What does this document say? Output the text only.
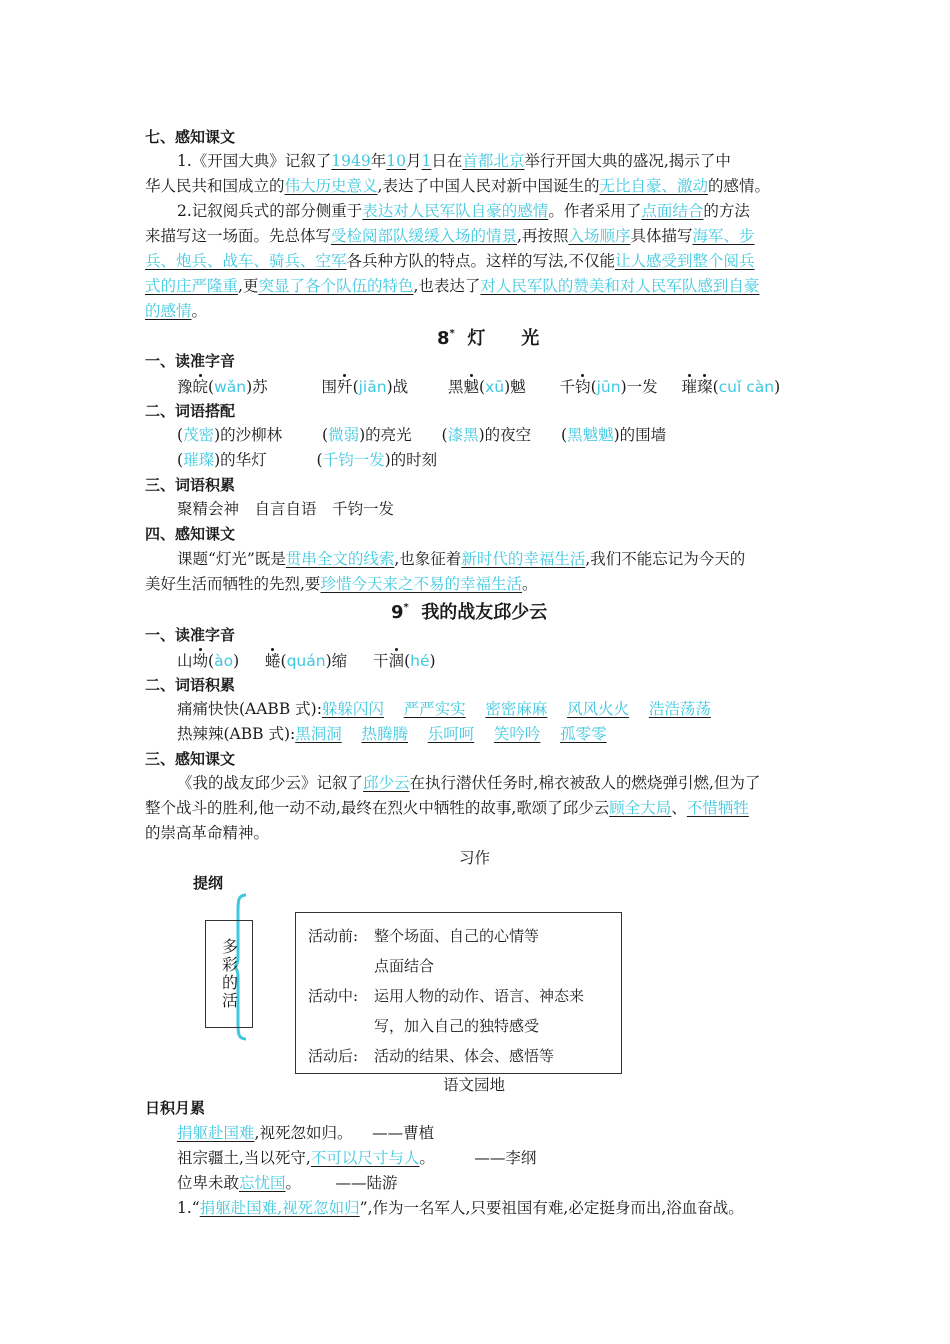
七、感知课文
1.《开国大典》记叙了1949年10月1日在首都北京举行开国大典的盛况,揭示了中
华人民共和国成立的伟大历史意义,表达了中国人民对新中国诞生的无比自豪、激动的感情。
2.记叙阅兵式的部分侧重于表达对人民军队自豪的感情。作者采用了点面结合的方法
来描写这一场面。先总体写受检阅部队缓缓入场的情景,再按照入场顺序具体描写海军、步
兵、炮兵、战车、骑兵、空军各兵种方队的特点。这样的写法,不仅能让人感受到整个阅兵
式的庄严隆重,更突显了各个队伍的特色,也表达了对人民军队的赞美和对人民军队感到自豪
的感情。
8* 灯　　光
一、读准字音
豫皖(wǎn)苏	围歼(jiān)战	黑魆(xū)魆 千钧(jūn)一发 璀璨(cuǐ càn)
二、词语搭配
(茂密)的沙柳林	(微弱)的亮光 (漆黑)的夜空 (黑魆魆)的围墙
(璀璨)的华灯	(千钧一发)的时刻
三、词语积累
聚精会神　自言自语　千钧一发
四、感知课文
课题“灯光”既是贯串全文的线索,也象征着新时代的幸福生活,我们不能忘记为今天的
美好生活而牺牲的先烈,要珍惜今天来之不易的幸福生活。
9* 我的战友邱少云
一、读准字音
山坳(ào) 蜷(quán)缩 干涸(hé)
二、词语积累
痛痛快快(AABB 式):躲躲闪闪 严严实实 密密麻麻 风风火火 浩浩荡荡
热辣辣(ABB 式):黑洞洞 热腾腾 乐呵呵 笑吟吟 孤零零
三、感知课文
《我的战友邱少云》记叙了邱少云在执行潜伏任务时,棉衣被敌人的燃烧弹引燃,但为了
整个战斗的胜利,他一动不动,最终在烈火中牺牲的故事,歌颂了邱少云顾全大局、不惜牺牲
的崇高革命精神。
习作
提纲
多彩的活
活动前: 整个场面、自己的心情等
点面结合
活动中: 运用人物的动作、语言、神态来
写，加入自己的独特感受
活动后: 活动的结果、体会、感悟等
语文园地
日积月累
捐躯赴国难,视死忽如归。 ——曹植
祖宗疆土,当以死守,不可以尺寸与人。	——李纲
位卑未敢忘忧国。 ——陆游
1.“捐躯赴国难,视死忽如归”,作为一名军人,只要祖国有难,必定挺身而出,浴血奋战。
